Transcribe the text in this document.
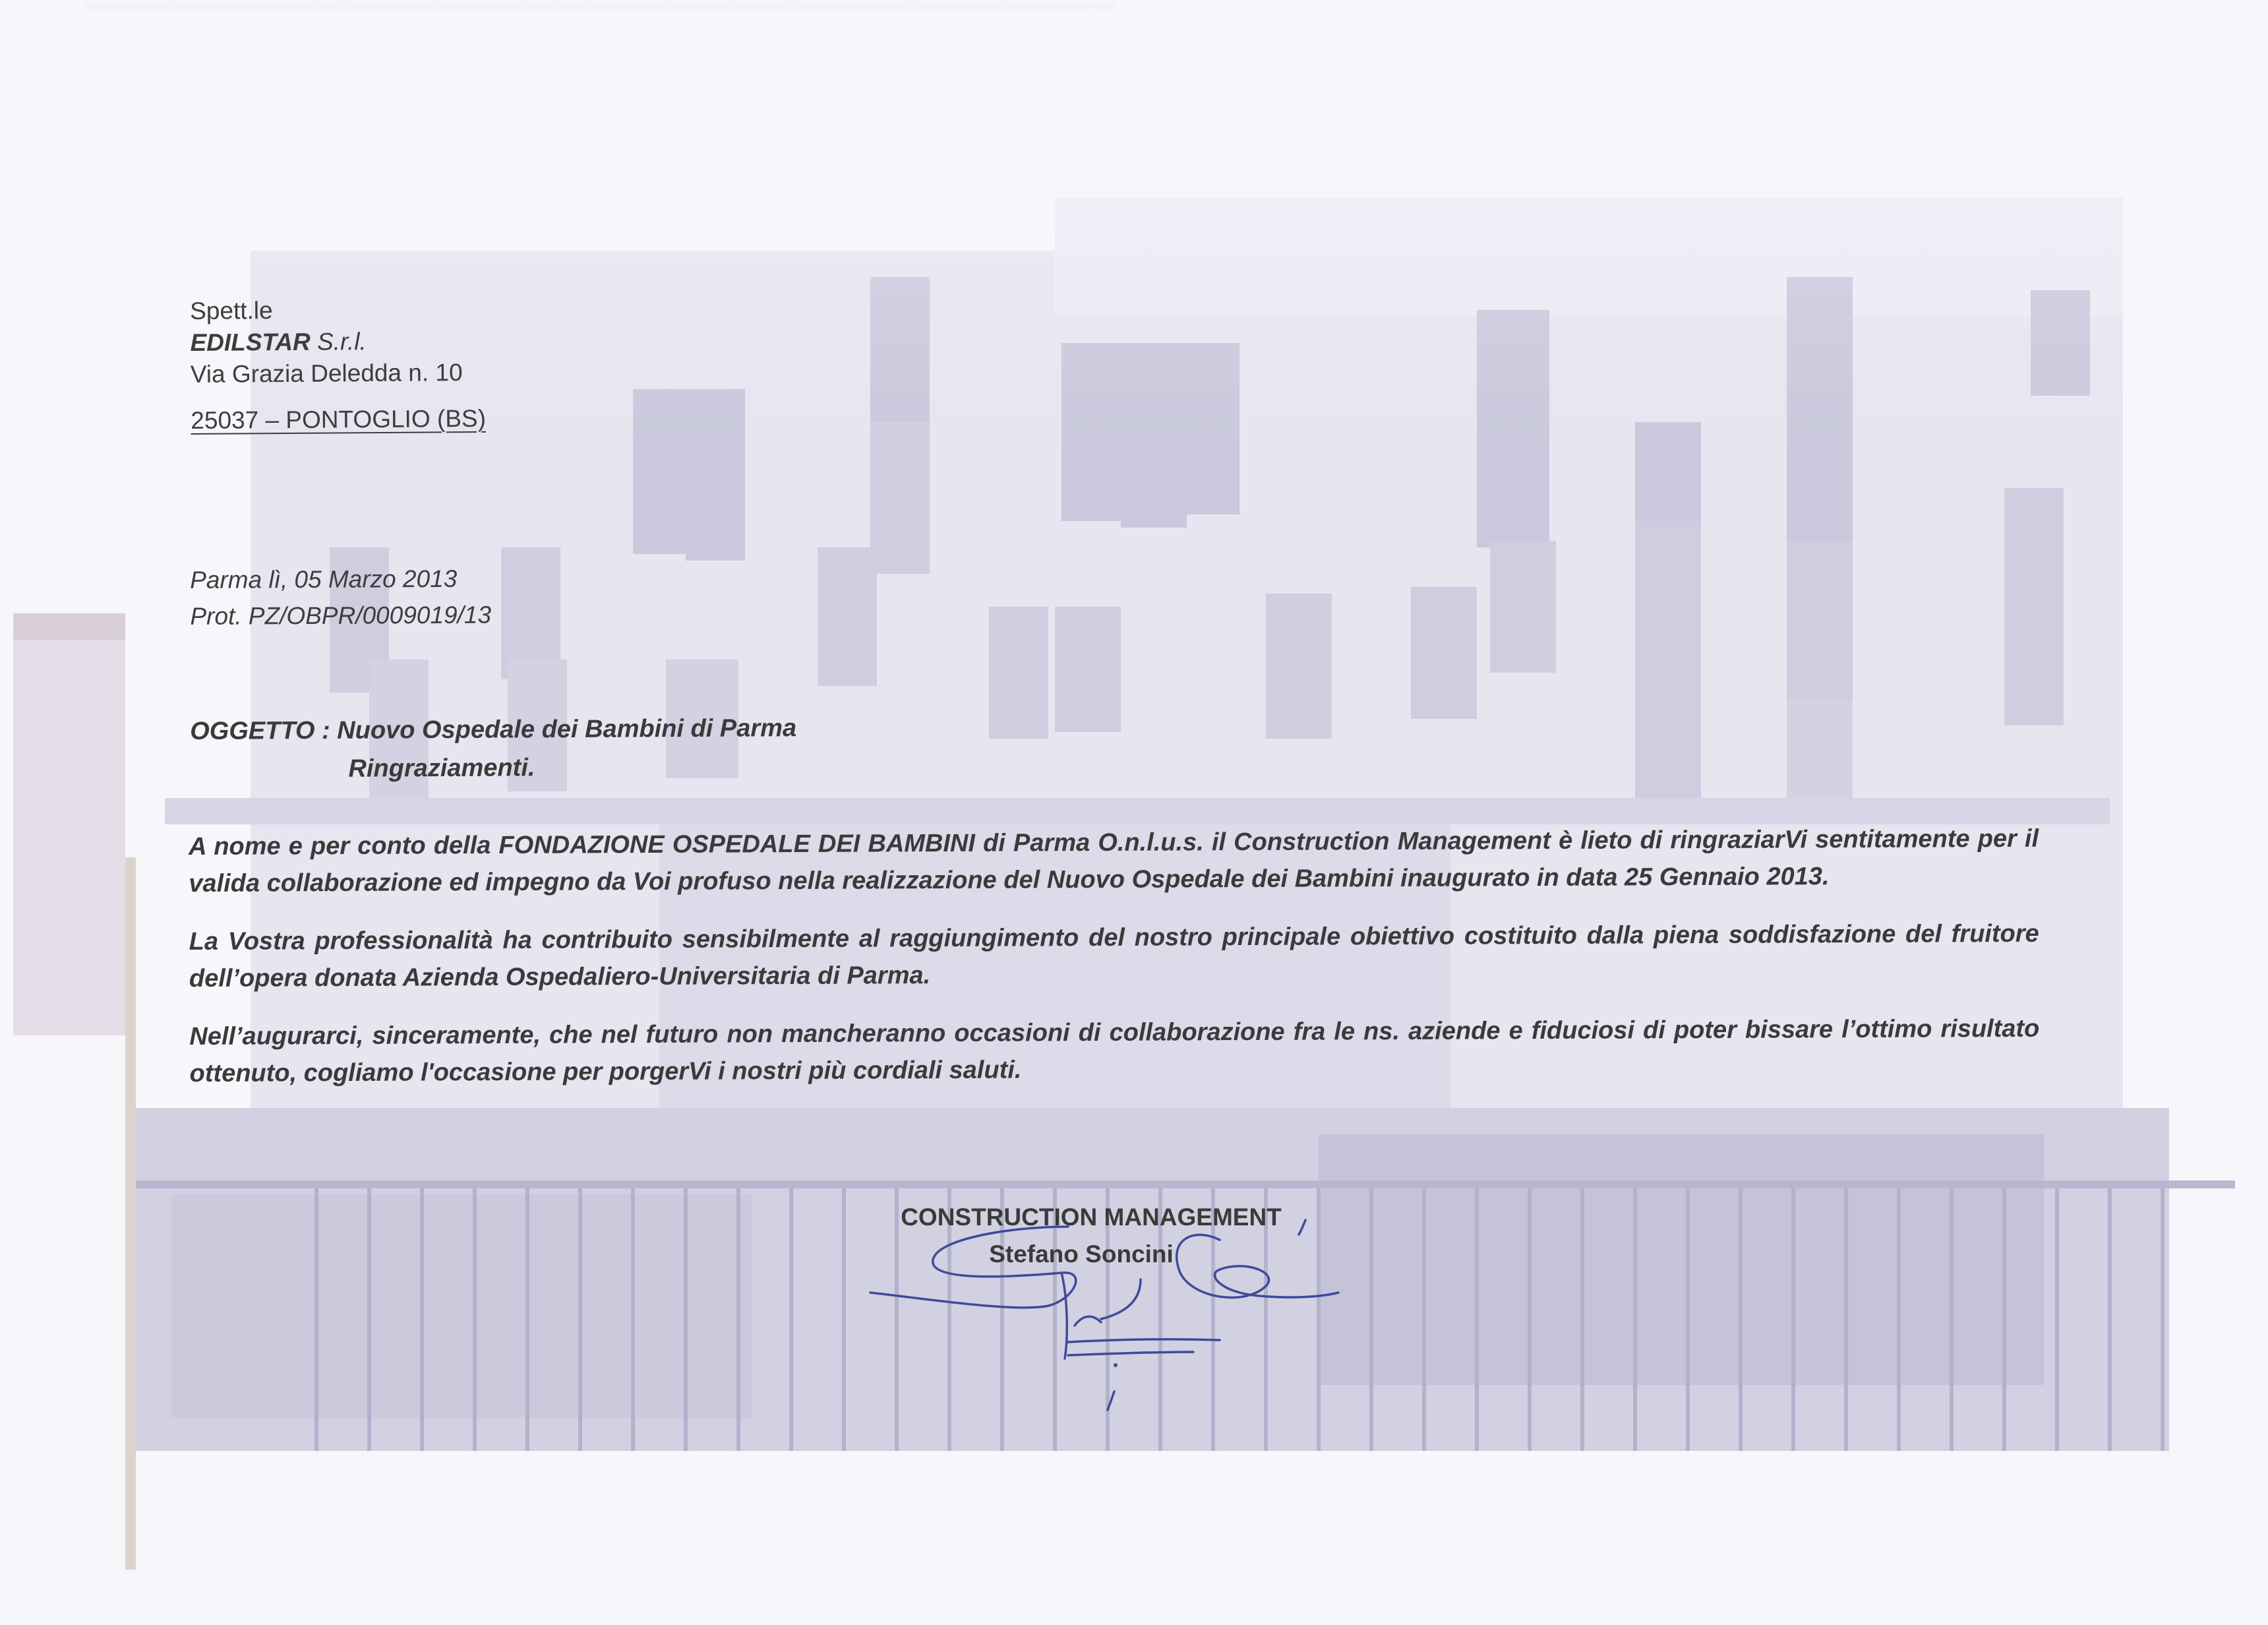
Spett.le
EDILSTAR S.r.l.
Via Grazia Deledda n. 10
25037 – PONTOGLIO (BS)
Parma lì, 05 Marzo 2013
Prot. PZ/OBPR/0009019/13
OGGETTO : Nuovo Ospedale dei Bambini di Parma
Ringraziamenti.

A nome e per conto della FONDAZIONE OSPEDALE DEI BAMBINI di Parma O.n.l.u.s. il Construction Management è lieto di ringraziarVi sentitamente per il valida collaborazione ed impegno da Voi profuso nella realizzazione del Nuovo Ospedale dei Bambini inaugurato in data 25 Gennaio 2013.

La Vostra professionalità ha contribuito sensibilmente al raggiungimento del nostro principale obiettivo costituito dalla piena soddisfazione del fruitore dell’opera donata Azienda Ospedaliero-Universitaria di Parma.

Nell’augurarci, sinceramente, che nel futuro non mancheranno occasioni di collaborazione fra le ns. aziende e fiduciosi di poter bissare l’ottimo risultato ottenuto, cogliamo l'occasione per porgerVi i nostri più cordiali saluti.

CONSTRUCTION MANAGEMENT
Stefano Soncini
